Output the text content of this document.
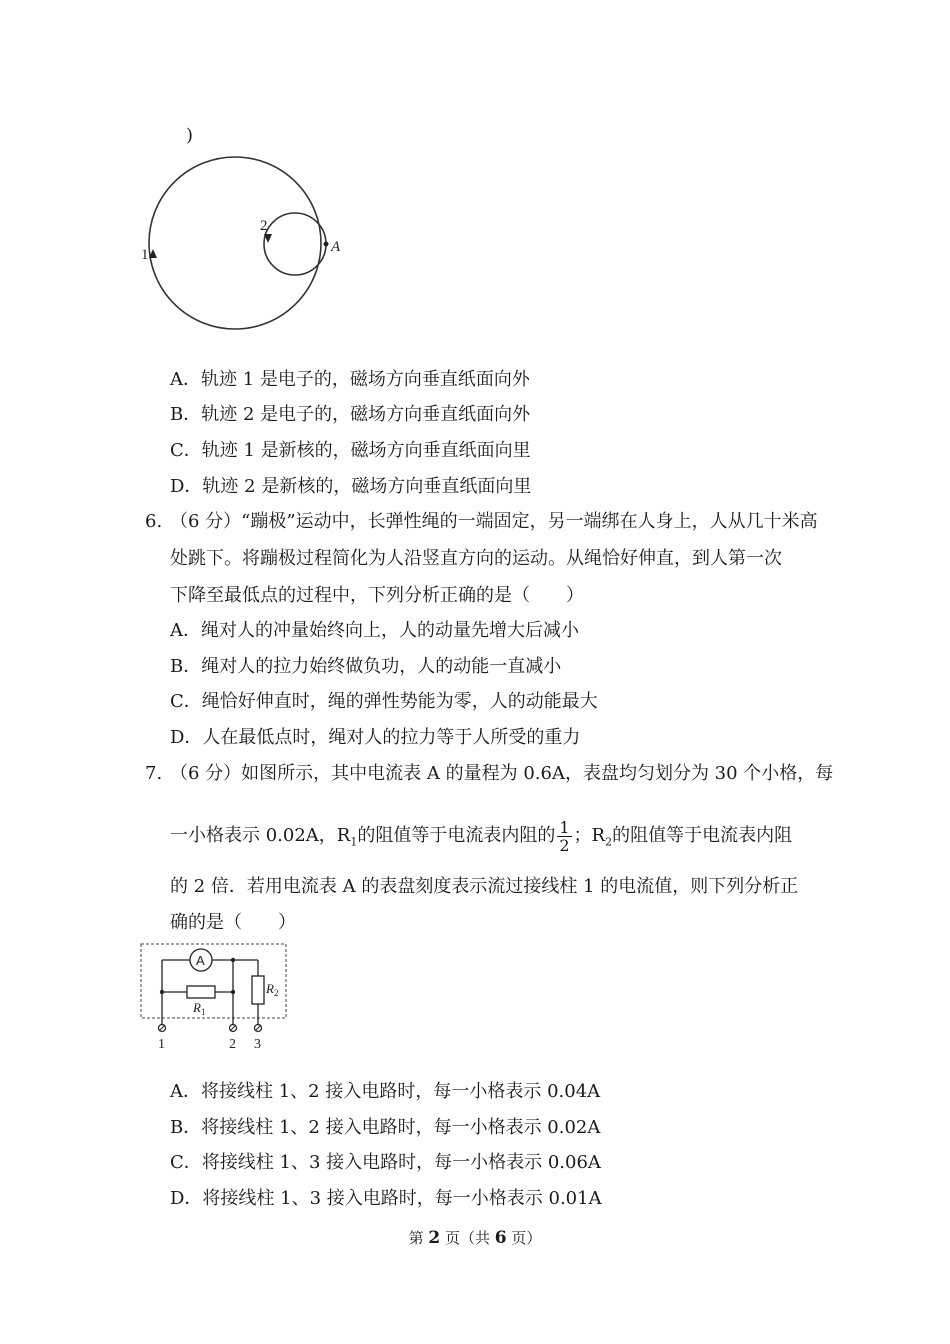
)
1
2
A
A．轨迹 1 是电子的，磁场方向垂直纸面向外
B．轨迹 2 是电子的，磁场方向垂直纸面向外
C．轨迹 1 是新核的，磁场方向垂直纸面向里
D．轨迹 2 是新核的，磁场方向垂直纸面向里
6. （6 分）“蹦极”运动中，长弹性绳的一端固定，另一端绑在人身上，人从几十米高
处跳下。将蹦极过程简化为人沿竖直方向的运动。从绳恰好伸直，到人第一次
下降至最低点的过程中，下列分析正确的是（　　）
A．绳对人的冲量始终向上，人的动量先增大后减小
B．绳对人的拉力始终做负功，人的动能一直减小
C．绳恰好伸直时，绳的弹性势能为零，人的动能最大
D．人在最低点时，绳对人的拉力等于人所受的重力
7. （6 分）如图所示，其中电流表 A 的量程为 0.6A，表盘均匀划分为 30 个小格，每
一小格表示 0.02A，$R_1$的阻值等于电流表内阻的 $\frac{1}{2}$ ；$R_2$的阻值等于电流表内阻
的 2 倍．若用电流表 A 的表盘刻度表示流过接线柱 1 的电流值，则下列分析正
确的是（　　）
A
$R_1$
$R_2$
1	2 3
A．将接线柱 1、2 接入电路时，每一小格表示 0.04A
B．将接线柱 1、2 接入电路时，每一小格表示 0.02A
C．将接线柱 1、3 接入电路时，每一小格表示 0.06A
D．将接线柱 1、3 接入电路时，每一小格表示 0.01A
第 2 页（共 6 页）
